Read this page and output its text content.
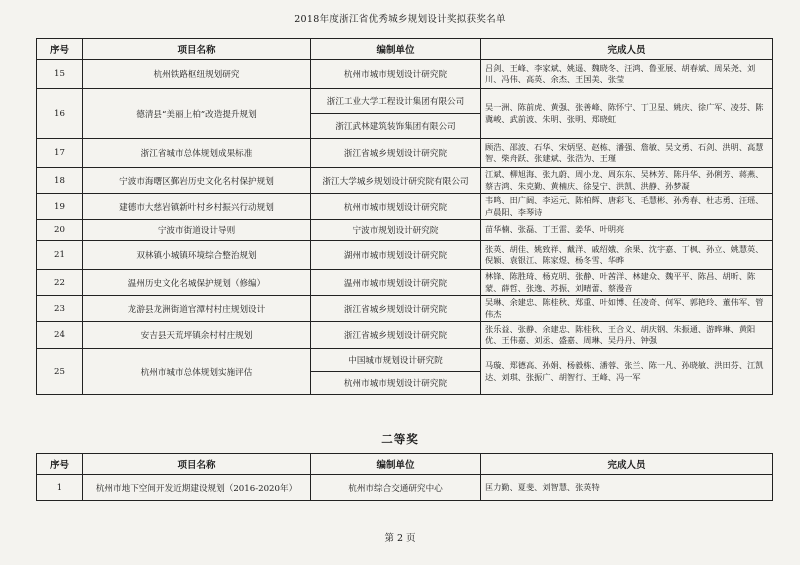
2018年度浙江省优秀城乡规划设计奖拟获奖名单
序号	项目名称	编制单位	完成人员
15	杭州铁路枢纽规划研究	杭州市城市规划设计研究院	吕剑、王峰、李家斌、姚遥、魏晓冬、汪鸿、鲁亚展、胡春斌、周呆尧、刘川、冯伟、高英、余杰、王国美、张莹
16	德清县“美丽上柏”改造提升规划	浙江工业大学工程设计集团有限公司	吴一洲、陈前虎、黄强、张善峰、陈怀宁、丁卫星、姚庆、徐广军、凌芬、陈冀峻、武前波、朱明、张明、郑晓虹
		浙江武林建筑装饰集团有限公司	
17	浙江省城市总体规划成果标准	浙江省城乡规划设计研究院	顾浩、邵波、石华、宋炳坚、赵栋、潘强、詹敏、吴文勇、石剑、洪明、高慧智、柴舟跃、张建斌、张浩为、王瑾
18	宁波市海曙区鄞岩历史文化名村保护规划	浙江大学城乡规划设计研究院有限公司	江斌、柳旭海、张九蔚、周小龙、周东东、吴林芳、陈丹华、孙俐芳、蒋燕、蔡吉鸿、朱克勤、黄楠庆、徐旻宁、洪凯、洪静、孙梦凝
19	建德市大慈岩镇新叶村乡村振兴行动规划	杭州市城市规划设计研究院	韦鸣、田广阔、李运元、陈柏辉、唐彩飞、毛慧彬、孙秀春、杜志勇、汪瑶、卢晨阳、李琴诗
20	宁波市街道设计导则	宁波市规划设计研究院	苗华楠、张磊、丁王雷、姜华、叶明亮
21	双林镇小城镇环境综合整治规划	湖州市城市规划设计研究院	张英、胡佳、姚致祥、戴洋、戚绍娥、余果、沈宇嘉、丁枫、孙立、姚慧英、倪颖、袁银江、陈家煜、杨冬雪、华晔
22	温州历史文化名城保护规划（修编）	温州市城市规划设计研究院	林锋、陈胜琦、杨克明、张静、叶茜洋、林建众、魏平平、陈昌、胡昕、陈蒙、薛哲、张逸、苏振、刘晴蕾、蔡漫音
23	龙游县龙洲街道官潭村村庄规划设计	浙江省城乡规划设计研究院	吴琳、余建忠、陈桂秋、郑重、叶如博、任凌奇、何军、郭艳玲、董伟军、管伟杰
24	安吉县天荒坪镇余村村庄规划	浙江省城乡规划设计研究院	张乐益、张静、余建忠、陈桂秋、王合义、胡庆钢、朱振通、游晔琳、黄阳优、王伟嘉、刘丞、盛嘉、周琳、吴丹丹、钟强
25	杭州市城市总体规划实施评估	中国城市规划设计研究院	马璇、郑德高、孙娟、杨毅栋、潘蓉、张兰、陈一凡、孙晓敏、洪田芬、江凯达、刘琪、张振广、胡智行、王峰、冯一军
		杭州市城市规划设计研究院	
二等奖
序号	项目名称	编制单位	完成人员
1	杭州市地下空间开发近期建设规划（2016-2020年）	杭州市综合交通研究中心	匡力勤、夏斐、刘智慧、张英特
第 2 页
